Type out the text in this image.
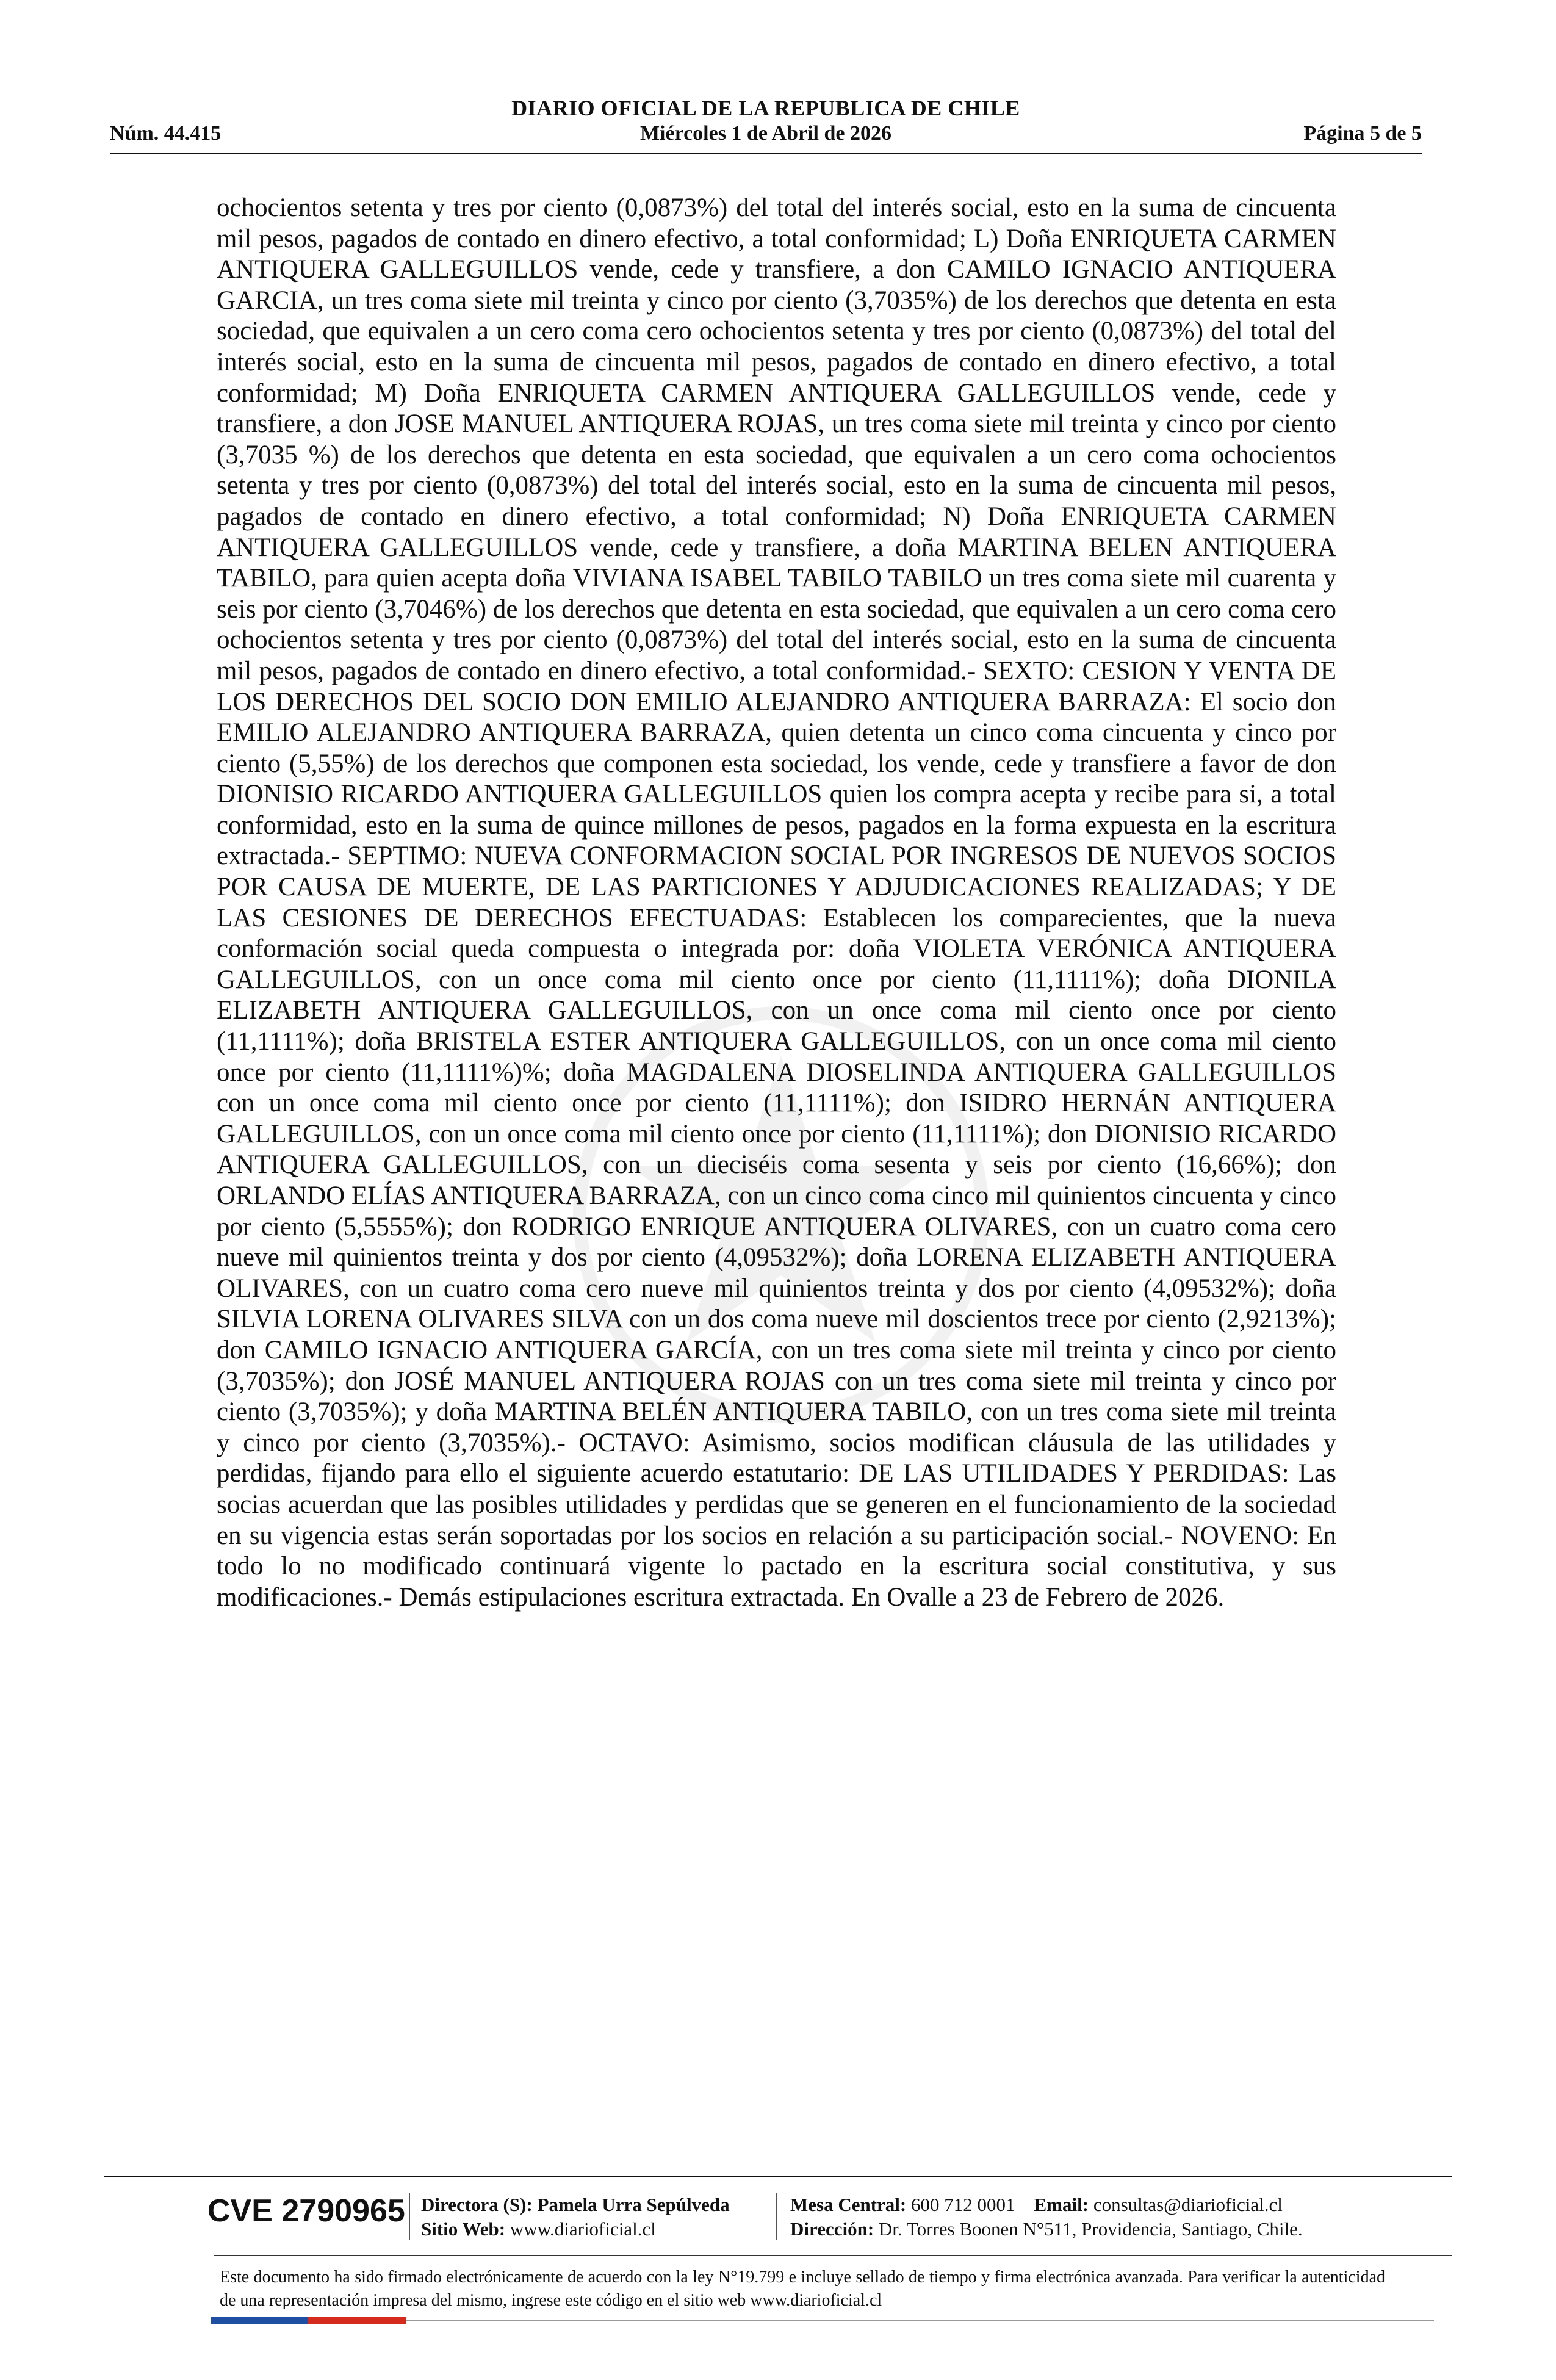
DIARIO OFICIAL DE LA REPUBLICA DE CHILE
Núm. 44.415	Miércoles 1 de Abril de 2026	Página 5 de 5
ochocientos setenta y tres por ciento (0,0873%) del total del interés social, esto en la suma de cincuenta mil pesos, pagados de contado en dinero efectivo, a total conformidad; L) Doña ENRIQUETA CARMEN ANTIQUERA GALLEGUILLOS vende, cede y transfiere, a don CAMILO IGNACIO ANTIQUERA GARCIA, un tres coma siete mil treinta y cinco por ciento (3,7035%) de los derechos que detenta en esta sociedad, que equivalen a un cero coma cero ochocientos setenta y tres por ciento (0,0873%) del total del interés social, esto en la suma de cincuenta mil pesos, pagados de contado en dinero efectivo, a total conformidad; M) Doña ENRIQUETA CARMEN ANTIQUERA GALLEGUILLOS vende, cede y transfiere, a don JOSE MANUEL ANTIQUERA ROJAS, un tres coma siete mil treinta y cinco por ciento (3,7035 %) de los derechos que detenta en esta sociedad, que equivalen a un cero coma ochocientos setenta y tres por ciento (0,0873%) del total del interés social, esto en la suma de cincuenta mil pesos, pagados de contado en dinero efectivo, a total conformidad; N) Doña ENRIQUETA CARMEN ANTIQUERA GALLEGUILLOS vende, cede y transfiere, a doña MARTINA BELEN ANTIQUERA TABILO, para quien acepta doña VIVIANA ISABEL TABILO TABILO un tres coma siete mil cuarenta y seis por ciento (3,7046%) de los derechos que detenta en esta sociedad, que equivalen a un cero coma cero ochocientos setenta y tres por ciento (0,0873%) del total del interés social, esto en la suma de cincuenta mil pesos, pagados de contado en dinero efectivo, a total conformidad.- SEXTO: CESION Y VENTA DE LOS DERECHOS DEL SOCIO DON EMILIO ALEJANDRO ANTIQUERA BARRAZA: El socio don EMILIO ALEJANDRO ANTIQUERA BARRAZA, quien detenta un cinco coma cincuenta y cinco por ciento (5,55%) de los derechos que componen esta sociedad, los vende, cede y transfiere a favor de don DIONISIO RICARDO ANTIQUERA GALLEGUILLOS quien los compra acepta y recibe para si, a total conformidad, esto en la suma de quince millones de pesos, pagados en la forma expuesta en la escritura extractada.- SEPTIMO: NUEVA CONFORMACION SOCIAL POR INGRESOS DE NUEVOS SOCIOS POR CAUSA DE MUERTE, DE LAS PARTICIONES Y ADJUDICACIONES REALIZADAS; Y DE LAS CESIONES DE DERECHOS EFECTUADAS: Establecen los comparecientes, que la nueva conformación social queda compuesta o integrada por: doña VIOLETA VERÓNICA ANTIQUERA GALLEGUILLOS, con un once coma mil ciento once por ciento (11,1111%); doña DIONILA ELIZABETH ANTIQUERA GALLEGUILLOS, con un once coma mil ciento once por ciento (11,1111%); doña BRISTELA ESTER ANTIQUERA GALLEGUILLOS, con un once coma mil ciento once por ciento (11,1111%)%; doña MAGDALENA DIOSELINDA ANTIQUERA GALLEGUILLOS con un once coma mil ciento once por ciento (11,1111%); don ISIDRO HERNÁN ANTIQUERA GALLEGUILLOS, con un once coma mil ciento once por ciento (11,1111%); don DIONISIO RICARDO ANTIQUERA GALLEGUILLOS, con un dieciséis coma sesenta y seis por ciento (16,66%); don ORLANDO ELÍAS ANTIQUERA BARRAZA, con un cinco coma cinco mil quinientos cincuenta y cinco por ciento (5,5555%); don RODRIGO ENRIQUE ANTIQUERA OLIVARES, con un cuatro coma cero nueve mil quinientos treinta y dos por ciento (4,09532%); doña LORENA ELIZABETH ANTIQUERA OLIVARES, con un cuatro coma cero nueve mil quinientos treinta y dos por ciento (4,09532%); doña SILVIA LORENA OLIVARES SILVA con un dos coma nueve mil doscientos trece por ciento (2,9213%); don CAMILO IGNACIO ANTIQUERA GARCÍA, con un tres coma siete mil treinta y cinco por ciento (3,7035%); don JOSÉ MANUEL ANTIQUERA ROJAS con un tres coma siete mil treinta y cinco por ciento (3,7035%); y doña MARTINA BELÉN ANTIQUERA TABILO, con un tres coma siete mil treinta y cinco por ciento (3,7035%).- OCTAVO: Asimismo, socios modifican cláusula de las utilidades y perdidas, fijando para ello el siguiente acuerdo estatutario: DE LAS UTILIDADES Y PERDIDAS: Las socias acuerdan que las posibles utilidades y perdidas que se generen en el funcionamiento de la sociedad en su vigencia estas serán soportadas por los socios en relación a su participación social.- NOVENO: En todo lo no modificado continuará vigente lo pactado en la escritura social constitutiva, y sus modificaciones.- Demás estipulaciones escritura extractada. En Ovalle a 23 de Febrero de 2026.
CVE 2790965 Directora (S): Pamela Urra Sepúlveda
Sitio Web: www.diarioficial.cl
Mesa Central: 600 712 0001 Email: consultas@diarioficial.cl
Dirección: Dr. Torres Boonen N°511, Providencia, Santiago, Chile.
Este documento ha sido firmado electrónicamente de acuerdo con la ley N°19.799 e incluye sellado de tiempo y firma electrónica avanzada. Para verificar la autenticidad de una representación impresa del mismo, ingrese este código en el sitio web www.diarioficial.cl
